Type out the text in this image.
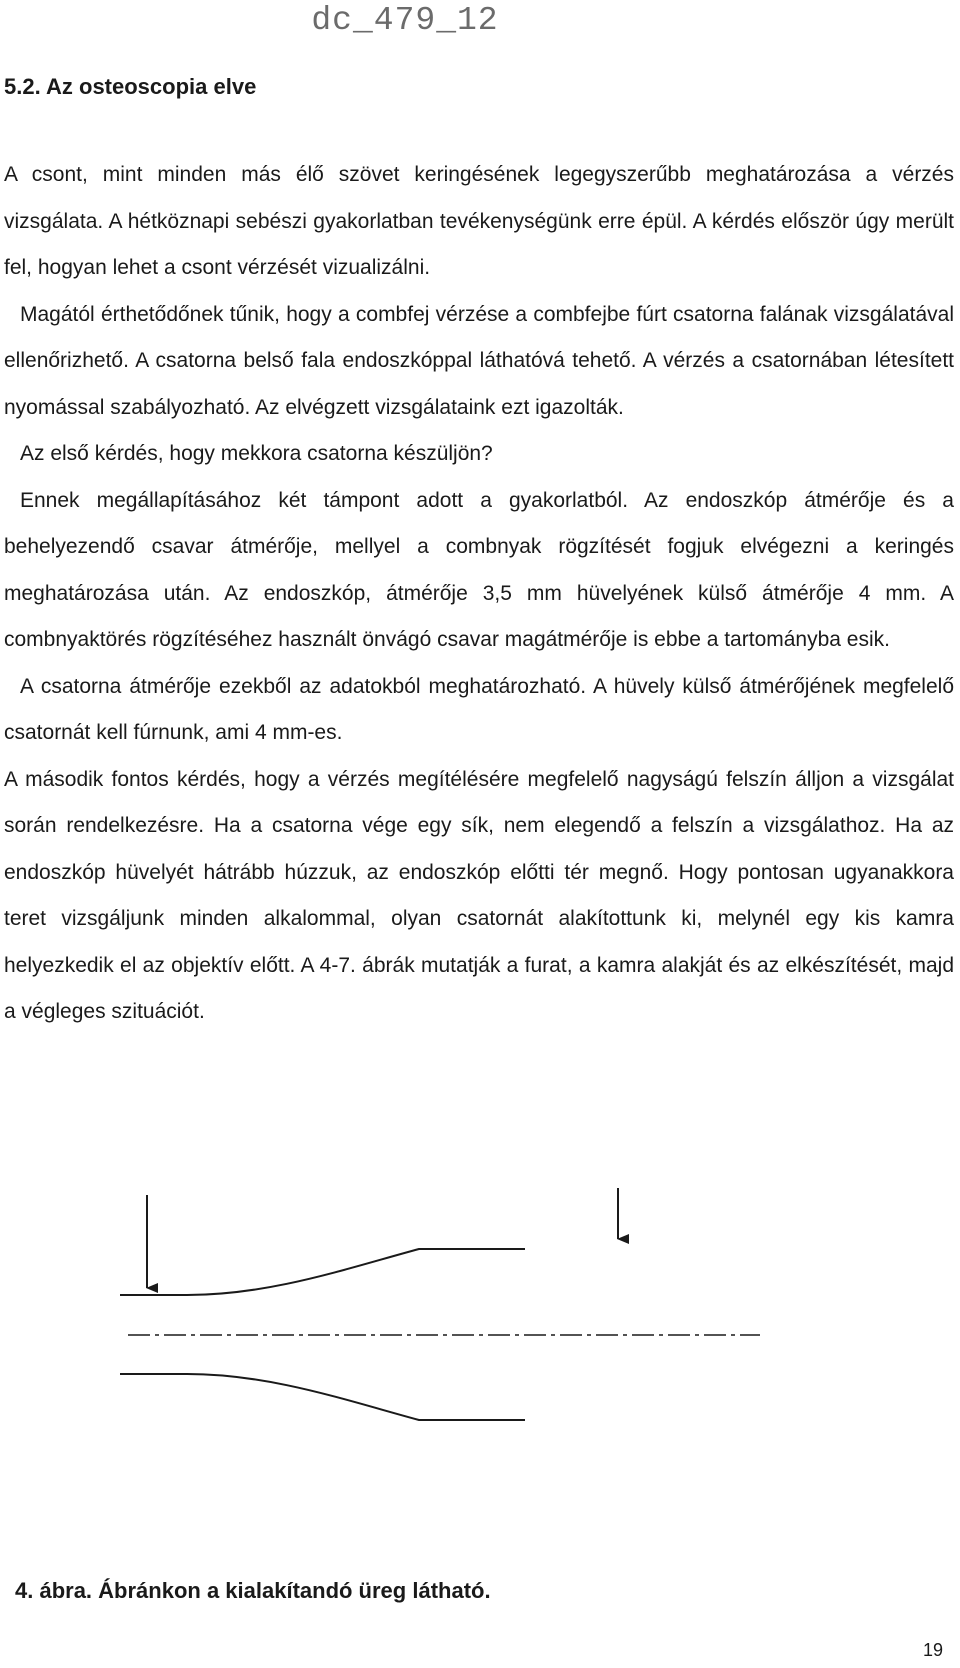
dc_479_12
5.2. Az osteoscopia elve

A csont, mint minden más élő szövet keringésének legegyszerűbb meghatározása a vérzés vizsgálata. A hétköznapi sebészi gyakorlatban tevékenységünk erre épül. A kérdés először úgy merült fel, hogyan lehet a csont vérzését vizualizálni.

Magától érthetődőnek tűnik, hogy a combfej vérzése a combfejbe fúrt csatorna falának vizsgálatával ellenőrizhető. A csatorna belső fala endoszkóppal láthatóvá tehető. A vérzés a csatornában létesített nyomással szabályozható. Az elvégzett vizsgálataink ezt igazolták.

Az első kérdés, hogy mekkora csatorna készüljön?

Ennek megállapításához két támpont adott a gyakorlatból. Az endoszkóp átmérője és a behelyezendő csavar átmérője, mellyel a combnyak rögzítését fogjuk elvégezni a keringés meghatározása után. Az endoszkóp, átmérője 3,5 mm hüvelyének külső átmérője 4 mm. A combnyaktörés rögzítéséhez használt önvágó csavar magátmérője is ebbe a tartományba esik.

A csatorna átmérője ezekből az adatokból meghatározható. A hüvely külső átmérőjének megfelelő csatornát kell fúrnunk, ami 4 mm-es.

A második fontos kérdés, hogy a vérzés megítélésére megfelelő nagyságú felszín álljon a vizsgálat során rendelkezésre. Ha a csatorna vége egy sík, nem elegendő a felszín a vizsgálathoz. Ha az endoszkóp hüvelyét hátrább húzzuk, az endoszkóp előtti tér megnő. Hogy pontosan ugyanakkora teret vizsgáljunk minden alkalommal, olyan csatornát alakítottunk ki, melynél egy kis kamra helyezkedik el az objektív előtt. A 4-7. ábrák mutatják a furat, a kamra alakját és az elkészítését, majd a végleges szituációt.

4. ábra. Ábránkon a kialakítandó üreg látható.
19
